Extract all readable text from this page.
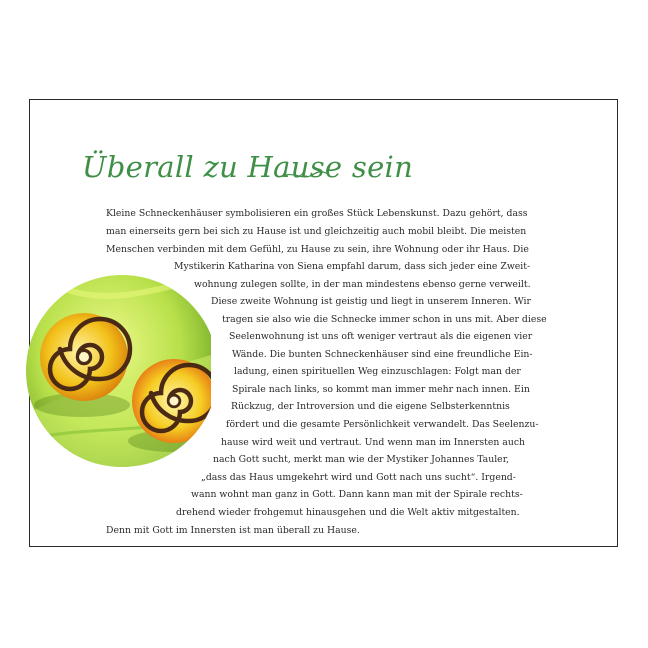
Überall zu Hause sein
Kleine Schneckenhäuser symbolisieren ein großes Stück Lebenskunst. Dazu gehört, dass
man einerseits gern bei sich zu Hause ist und gleichzeitig auch mobil bleibt. Die meisten
Menschen verbinden mit dem Gefühl, zu Hause zu sein, ihre Wohnung oder ihr Haus. Die
Mystikerin Katharina von Siena empfahl darum, dass sich jeder eine Zweit-
wohnung zulegen sollte, in der man mindestens ebenso gerne verweilt.
Diese zweite Wohnung ist geistig und liegt in unserem Inneren. Wir
tragen sie also wie die Schnecke immer schon in uns mit. Aber diese
Seelenwohnung ist uns oft weniger vertraut als die eigenen vier
Wände. Die bunten Schneckenhäuser sind eine freundliche Ein-
ladung, einen spirituellen Weg einzuschlagen: Folgt man der
Spirale nach links, so kommt man immer mehr nach innen. Ein
Rückzug, der Introversion und die eigene Selbsterkenntnis
fördert und die gesamte Persönlichkeit verwandelt. Das Seelenzu-
hause wird weit und vertraut. Und wenn man im Innersten auch
nach Gott sucht, merkt man wie der Mystiker Johannes Tauler,
„dass das Haus umgekehrt wird und Gott nach uns sucht“. Irgend-
wann wohnt man ganz in Gott. Dann kann man mit der Spirale rechts-
drehend wieder frohgemut hinausgehen und die Welt aktiv mitgestalten.
Denn mit Gott im Innersten ist man überall zu Hause.
